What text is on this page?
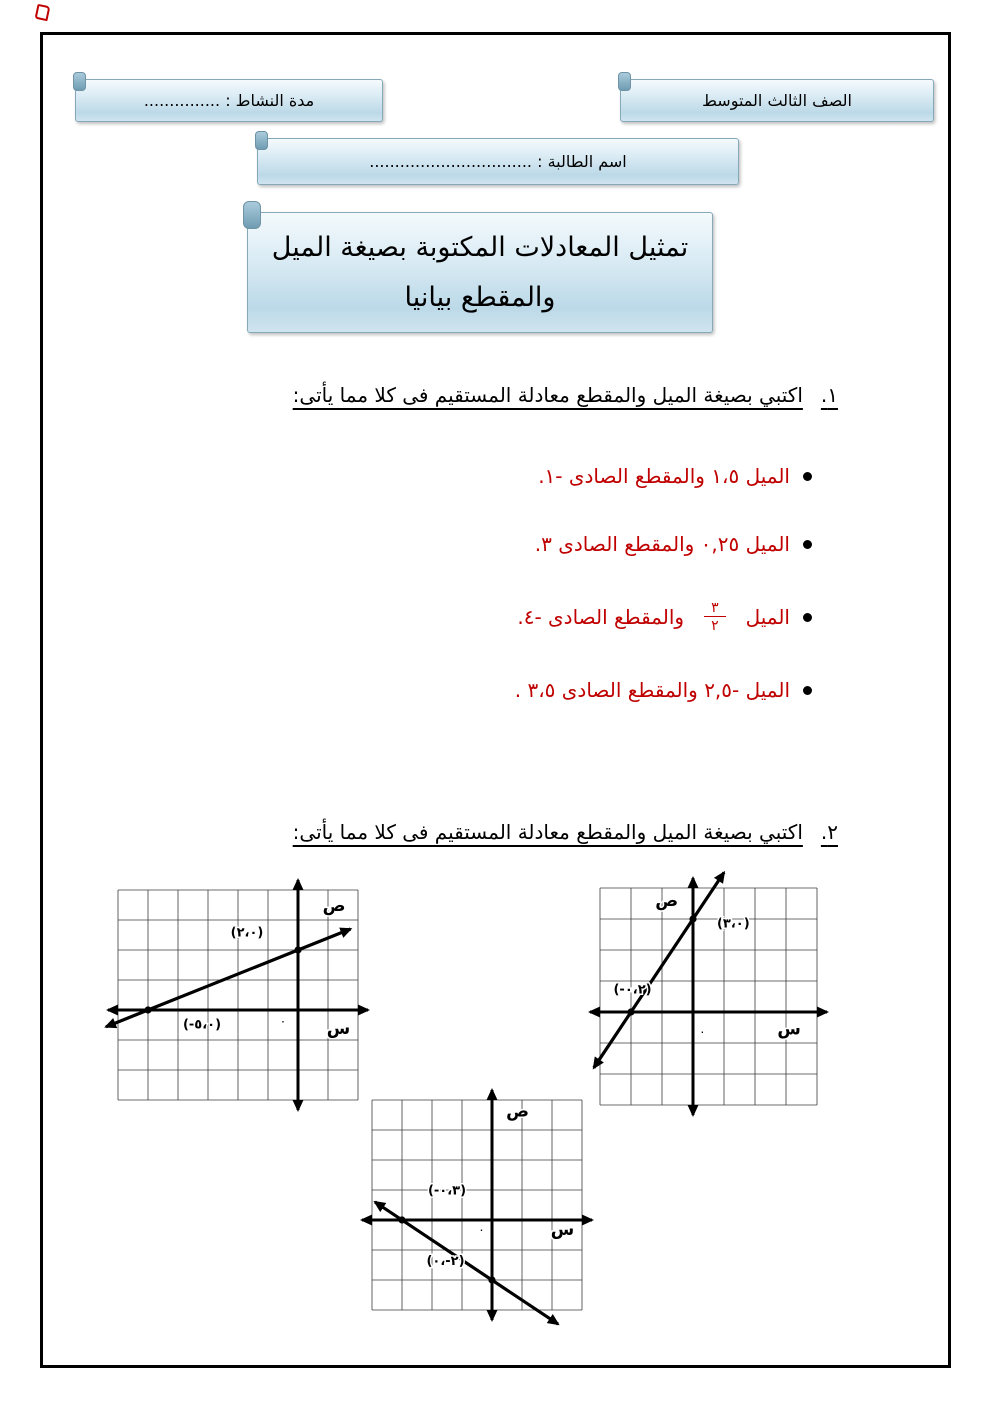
الصف الثالث المتوسط
مدة النشاط : ...............
اسم الطالبة : ................................
تمثيل المعادلات المكتوبة بصيغة الميل
والمقطع بيانيا
١.
اكتبي بصيغة الميل والمقطع معادلة المستقيم فى كلا مما يأتى:
الميل ١،٥ والمقطع الصادى -١.
الميل ٠,٢٥ والمقطع الصادى ٣.
الميل
$\frac{٣}{٢}$
والمقطع الصادى -٤.
الميل -٢,٥ والمقطع الصادى ٣،٥ .
٢.
اكتبي بصيغة الميل والمقطع معادلة المستقيم فى كلا مما يأتى:
(٢،٠)
(-٥،٠)
ص
س
٠
(٣،٠)
(-٠،٢)
ص
س
٠
(-٠،٣)
(٢-،٠)
ص
س
٠
